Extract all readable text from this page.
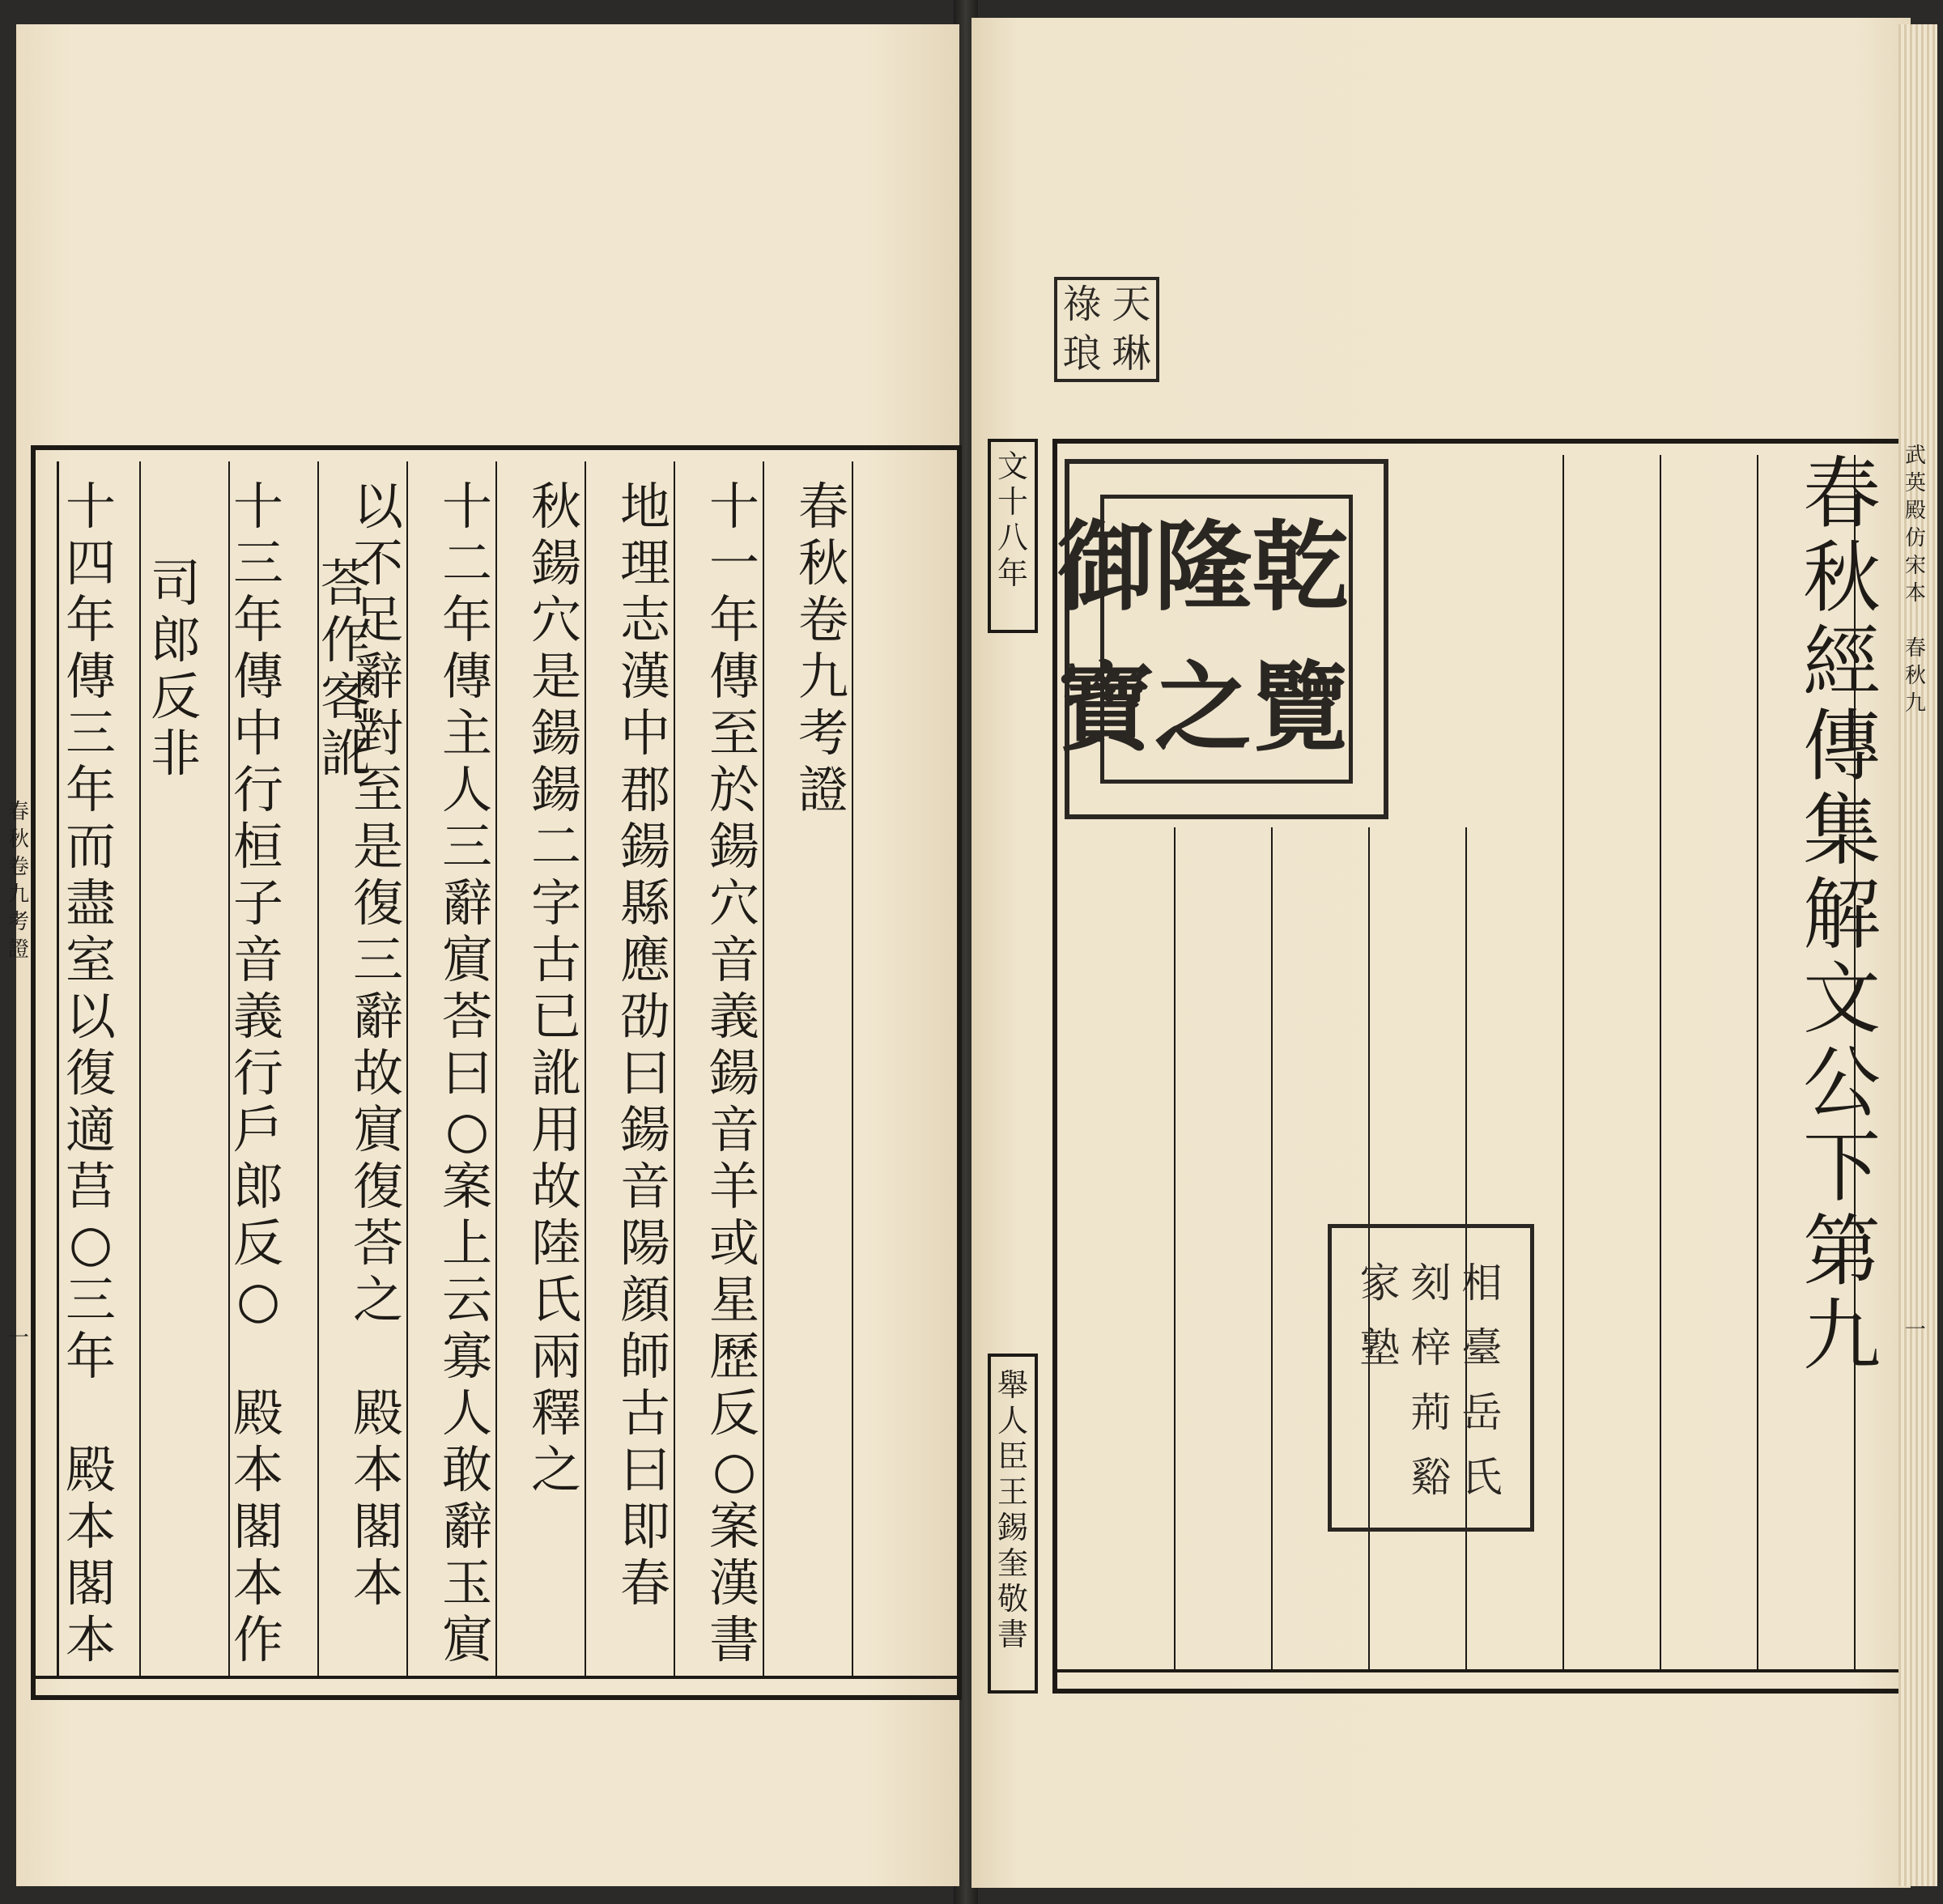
春
秋
卷
九
考
證
十
一
年
傳
至
於
鍚
穴
音
義
鍚
音
羊
或
星
歷
反
○
案
漢
書
地
理
志
漢
中
郡
鍚
縣
應
劭
曰
鍚
音
陽
顔
師
古
曰
即
春
秋
鍚
穴
是
鍚
鍚
二
字
古
已
訛
用
故
陸
氏
兩
釋
之
十
二
年
傳
主
人
三
辭
賔
荅
曰
○
案
上
云
寡
人
敢
辭
玉
賔
以
不
足
辭
對
至
是
復
三
辭
故
賔
復
荅
之

殿
本
閣
本
荅
作
客
訛
十
三
年
傳
中
行
桓
子
音
義
行
戶
郎
反
○

殿
本
閣
本
作
司
郎
反
非
十
四
年
傳
三
年
而
盡
室
以
復
適
莒
○
三
年

殿
本
閣
本
春
秋
卷
九
考
證
一
春
秋
經
傳
集
解
文
公
下
第
九
文
十
八
年
舉
人
臣
王
錫
奎
敬
書
天
祿
琳
琅
乾
隆
御
覽
之
寶
相
臺
岳
氏
刻
梓
荊
谿
家
塾
武
英
殿
仿
宋
本

春
秋
九
一
